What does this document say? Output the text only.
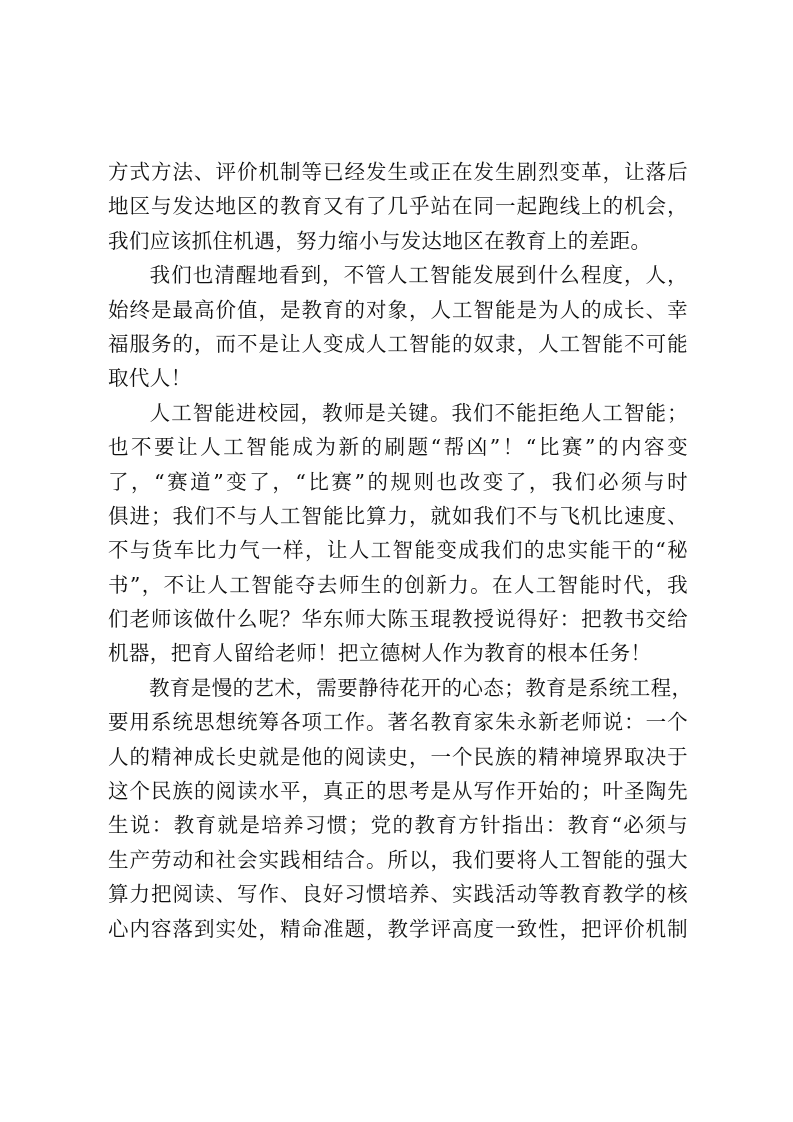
方式方法、评价机制等已经发生或正在发生剧烈变革，让落后
地区与发达地区的教育又有了几乎站在同一起跑线上的机会，
我们应该抓住机遇，努力缩小与发达地区在教育上的差距。
我们也清醒地看到，不管人工智能发展到什么程度，人，
始终是最高价值，是教育的对象，人工智能是为人的成长、幸
福服务的，而不是让人变成人工智能的奴隶，人工智能不可能
取代人！
人工智能进校园，教师是关键。我们不能拒绝人工智能；
也不要让人工智能成为新的刷题“帮凶”！“比赛”的内容变
了，“赛道”变了，“比赛”的规则也改变了，我们必须与时
俱进；我们不与人工智能比算力，就如我们不与飞机比速度、
不与货车比力气一样，让人工智能变成我们的忠实能干的“秘
书”，不让人工智能夺去师生的创新力。在人工智能时代，我
们老师该做什么呢？华东师大陈玉琨教授说得好：把教书交给
机器，把育人留给老师！把立德树人作为教育的根本任务！
教育是慢的艺术，需要静待花开的心态；教育是系统工程，
要用系统思想统筹各项工作。著名教育家朱永新老师说：一个
人的精神成长史就是他的阅读史，一个民族的精神境界取决于
这个民族的阅读水平，真正的思考是从写作开始的；叶圣陶先
生说：教育就是培养习惯；党的教育方针指出：教育“必须与
生产劳动和社会实践相结合。所以，我们要将人工智能的强大
算力把阅读、写作、良好习惯培养、实践活动等教育教学的核
心内容落到实处，精命准题，教学评高度一致性，把评价机制
